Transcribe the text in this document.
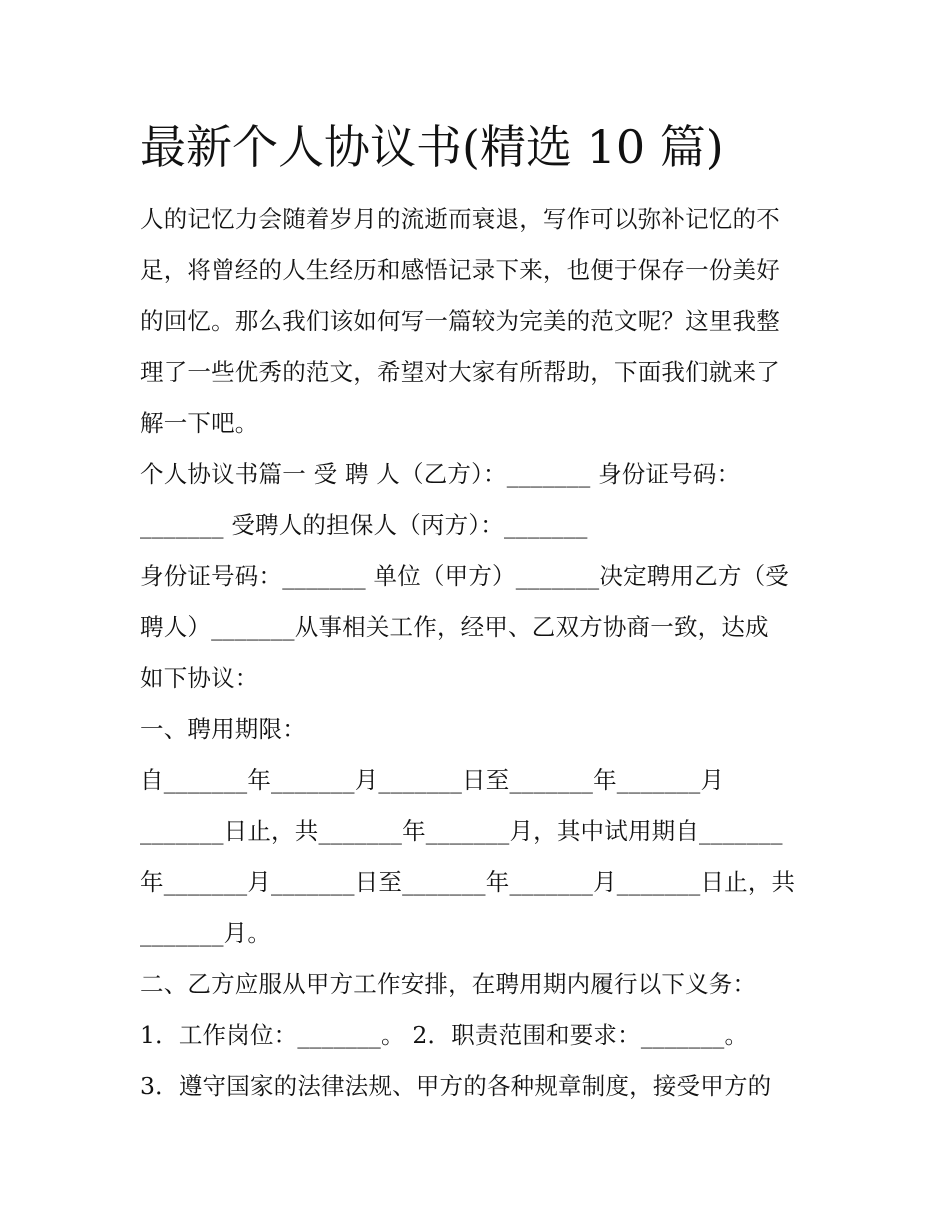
最新个人协议书(精选 10 篇)
人的记忆力会随着岁月的流逝而衰退，写作可以弥补记忆的不
足，将曾经的人生经历和感悟记录下来，也便于保存一份美好
的回忆。那么我们该如何写一篇较为完美的范文呢？这里我整
理了一些优秀的范文，希望对大家有所帮助，下面我们就来了
解一下吧。
个人协议书篇一 受 聘 人（乙方）：_______ 身份证号码：
_______ 受聘人的担保人（丙方）：_______
身份证号码：_______ 单位（甲方）_______决定聘用乙方（受
聘人）_______从事相关工作，经甲、乙双方协商一致，达成
如下协议：
一、聘用期限：
自_______年_______月_______日至_______年_______月
_______日止，共_______年_______月，其中试用期自_______
年_______月_______日至_______年_______月_______日止，共
_______月。
二、乙方应服从甲方工作安排，在聘用期内履行以下义务：
1．工作岗位：_______。 2．职责范围和要求：_______。
3．遵守国家的法律法规、甲方的各种规章制度，接受甲方的
